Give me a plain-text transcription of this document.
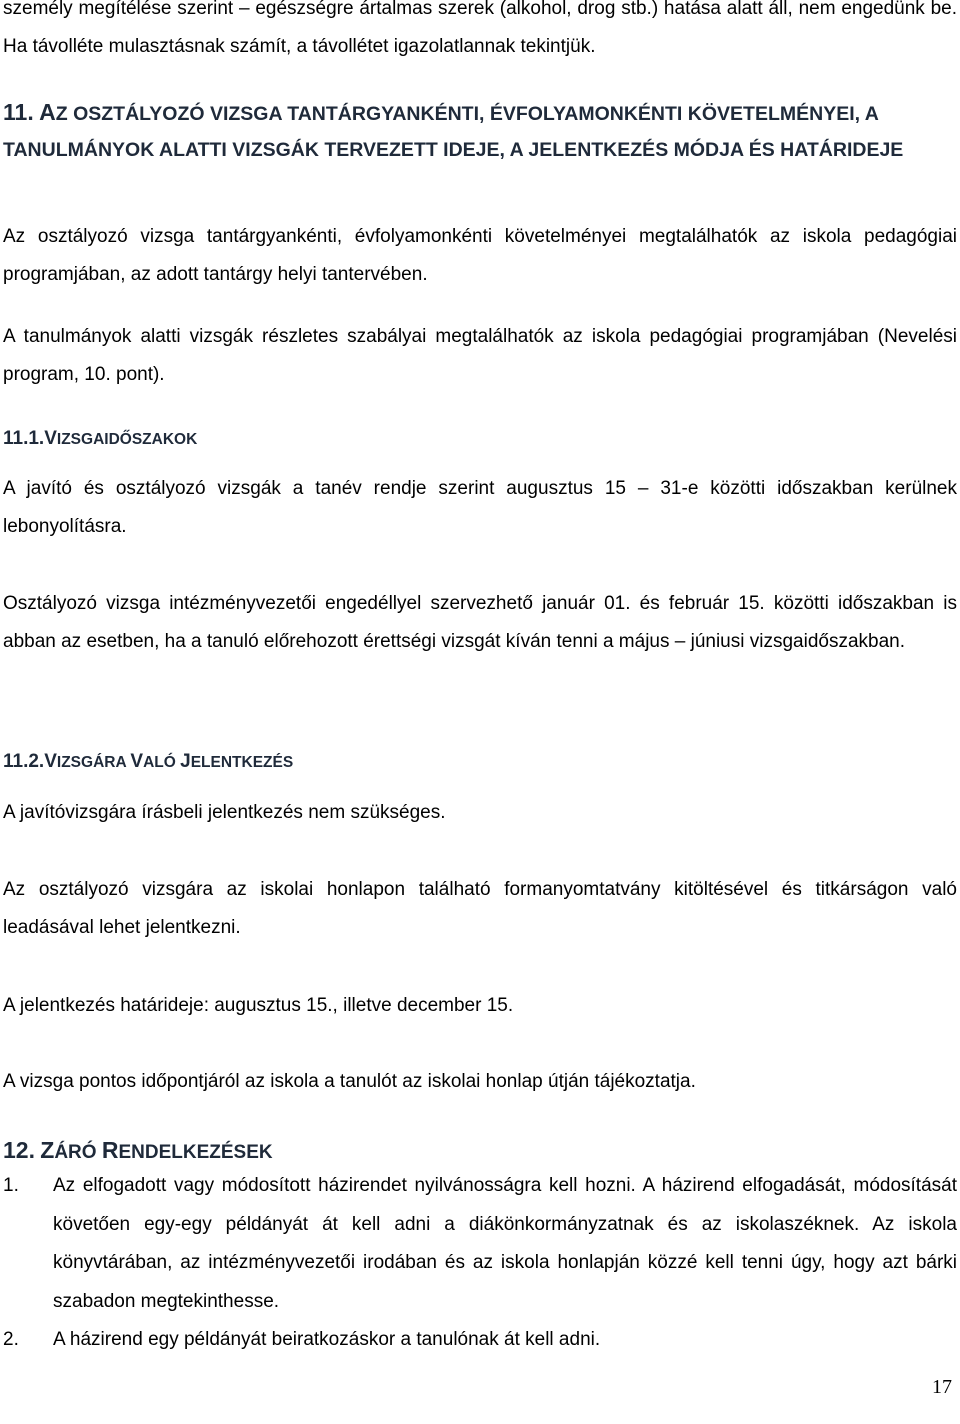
személy megítélése szerint – egészségre ártalmas szerek (alkohol, drog stb.) hatása alatt áll, nem engedünk be. Ha távolléte mulasztásnak számít, a távollétet igazolatlannak tekintjük.

11. AZ OSZTÁLYOZÓ VIZSGA TANTÁRGYANKÉNTI, ÉVFOLYAMONKÉNTI KÖVETELMÉNYEI, A TANULMÁNYOK ALATTI VIZSGÁK TERVEZETT IDEJE, A JELENTKEZÉS MÓDJA ÉS HATÁRIDEJE

Az osztályozó vizsga tantárgyankénti, évfolyamonkénti követelményei megtalálhatók az iskola pedagógiai programjában, az adott tantárgy helyi tantervében.

A tanulmányok alatti vizsgák részletes szabályai megtalálhatók az iskola pedagógiai programjában (Nevelési program, 10. pont).

11.1.VIZSGAIDŐSZAKOK

A javító és osztályozó vizsgák a tanév rendje szerint augusztus 15 – 31-e közötti időszakban kerülnek lebonyolításra.

Osztályozó vizsga intézményvezetői engedéllyel szervezhető január 01. és február 15. közötti időszakban is abban az esetben, ha a tanuló előrehozott érettségi vizsgát kíván tenni a május – júniusi vizsgaidőszakban.

11.2.VIZSGÁRA VALÓ JELENTKEZÉS

A javítóvizsgára írásbeli jelentkezés nem szükséges.

Az osztályozó vizsgára az iskolai honlapon található formanyomtatvány kitöltésével és titkárságon való leadásával lehet jelentkezni.

A jelentkezés határideje: augusztus 15., illetve december 15.

A vizsga pontos időpontjáról az iskola a tanulót az iskolai honlap útján tájékoztatja.

12. ZÁRÓ RENDELKEZÉSEK
1. Az elfogadott vagy módosított házirendet nyilvánosságra kell hozni. A házirend elfogadását, módosítását követően egy-egy példányát át kell adni a diákönkormányzatnak és az iskolaszéknek. Az iskola könyvtárában, az intézményvezetői irodában és az iskola honlapján közzé kell tenni úgy, hogy azt bárki szabadon megtekinthesse.
2. A házirend egy példányát beiratkozáskor a tanulónak át kell adni.
17
